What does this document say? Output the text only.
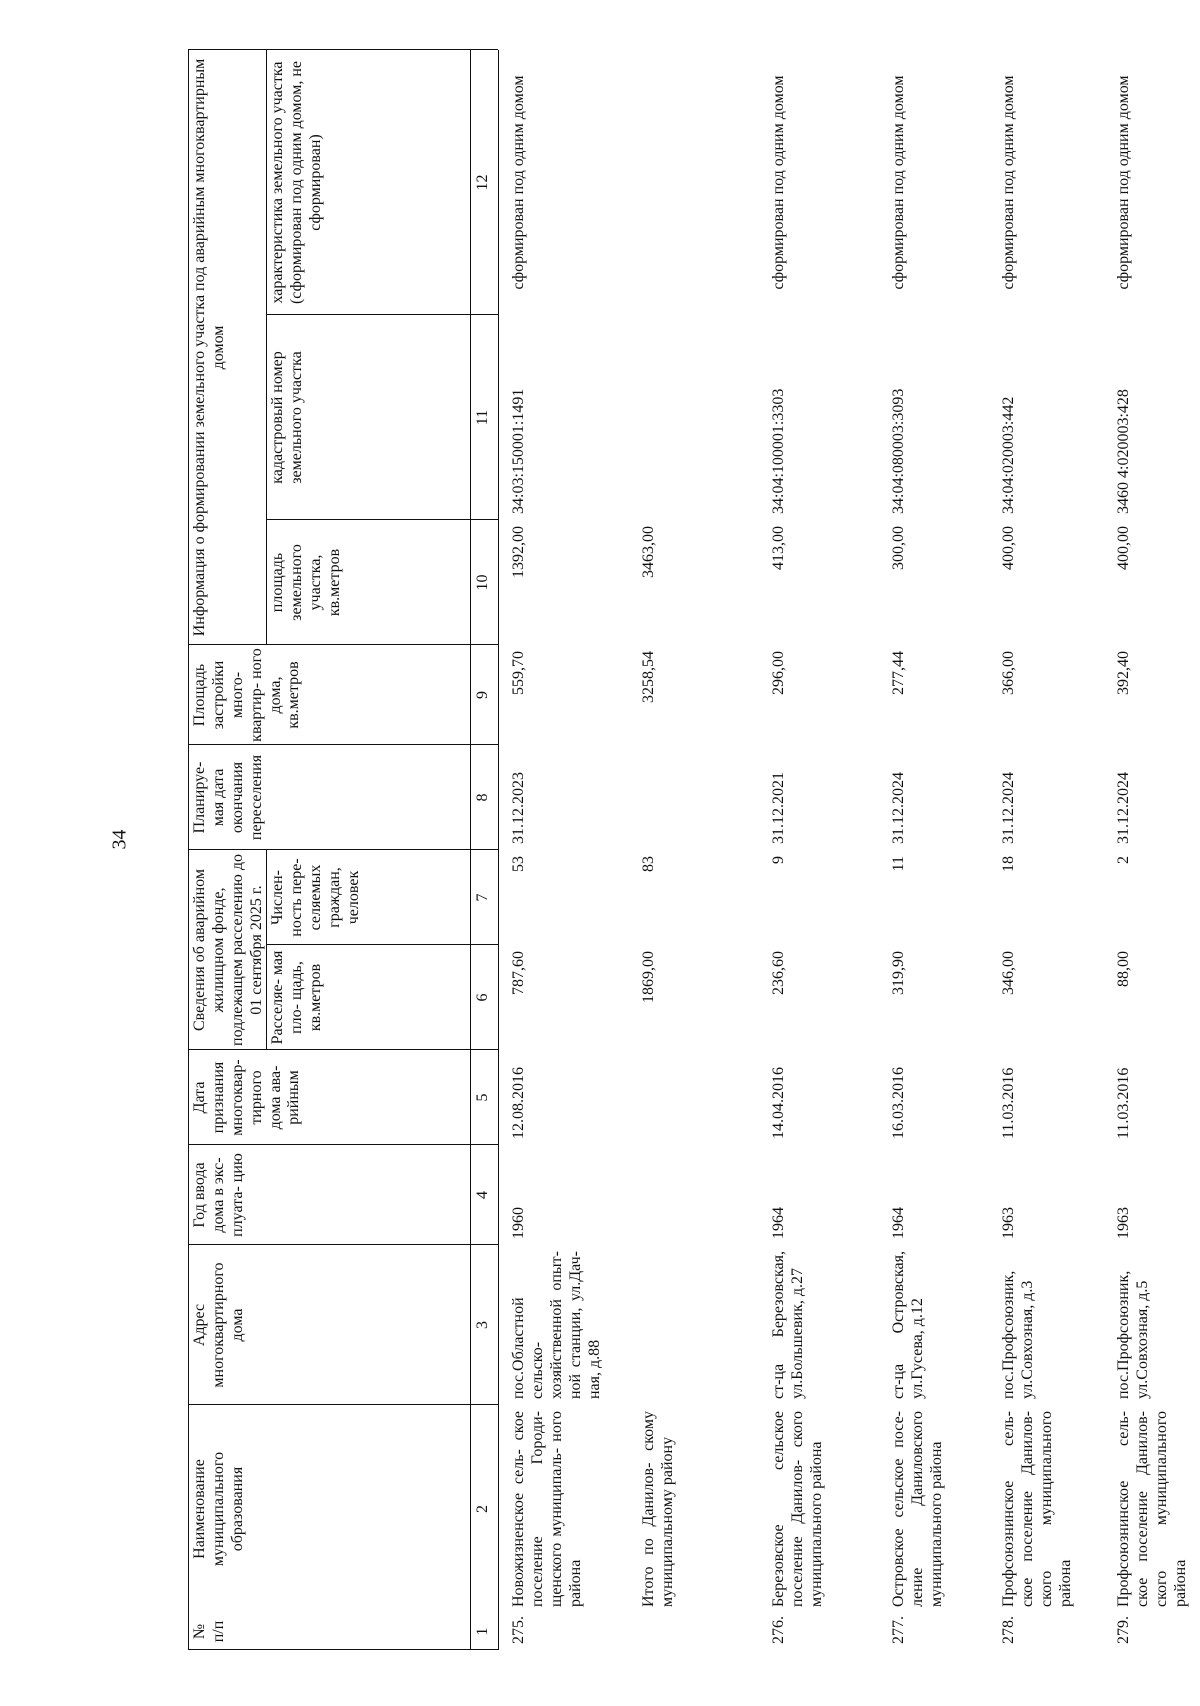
34
№ п/п
Наименование муниципального образования
Адрес многоквартирного дома
Год ввода дома в экс- плуата- цию
Дата признания многоквар- тирного дома ава- рийным
Сведения об аварийном жилищном фонде, подлежащем расселению до 01 сентября 2025 г. Расселяе- мая пло- щадь, кв.метров
Числен- ность пере- селяемых граждан, человек
Планируе- мая дата окончания переселения
Площадь застройки много- квартир- ного дома, кв.метров
Информация о формировании земельного участка под аварийным многоквартирным домом
площадь земельного участка, кв.метров
кадастровый номер земельного участка
характеристика земельного участка (сформирован под одним домом, не сформирован)
1
2
3
4
5
6
7
8
9
10
11
12
275.
Новожизненское сель- ское поселение Городи- щенского муниципаль- ного района
пос.Областной сельско- хозяйственной опыт- ной станции, ул.Дач- ная, д.88
1960
12.08.2016
787,60
53
31.12.2023
559,70
1392,00
34:03:150001:1491
сформирован под одним домом
Итого по Данилов- скому муниципальному району
1869,00
83
3258,54
3463,00
276.
Березовское сельское поселение Данилов- ского муниципального района
ст-ца Березовская, ул.Большевик, д.27
1964
14.04.2016
236,60
9
31.12.2021
296,00
413,00
34:04:100001:3303
сформирован под одним домом
277.
Островское сельское посе- ление Даниловского муниципального района
ст-ца Островская, ул.Гусева, д.12
1964
16.03.2016
319,90
11
31.12.2024
277,44
300,00
34:04:080003:3093
сформирован под одним домом
278.
Профсоюзнинское сель- ское поселение Данилов- ского муниципального района
пос.Профсоюзник, ул.Совхозная, д.3
1963
11.03.2016
346,00
18
31.12.2024
366,00
400,00
34:04:020003:442
сформирован под одним домом
279.
Профсоюзнинское сель- ское поселение Данилов- ского муниципального района
пос.Профсоюзник, ул.Совхозная, д.5
1963
11.03.2016
88,00
2
31.12.2024
392,40
400,00
3460 4:020003:428
сформирован под одним домом
